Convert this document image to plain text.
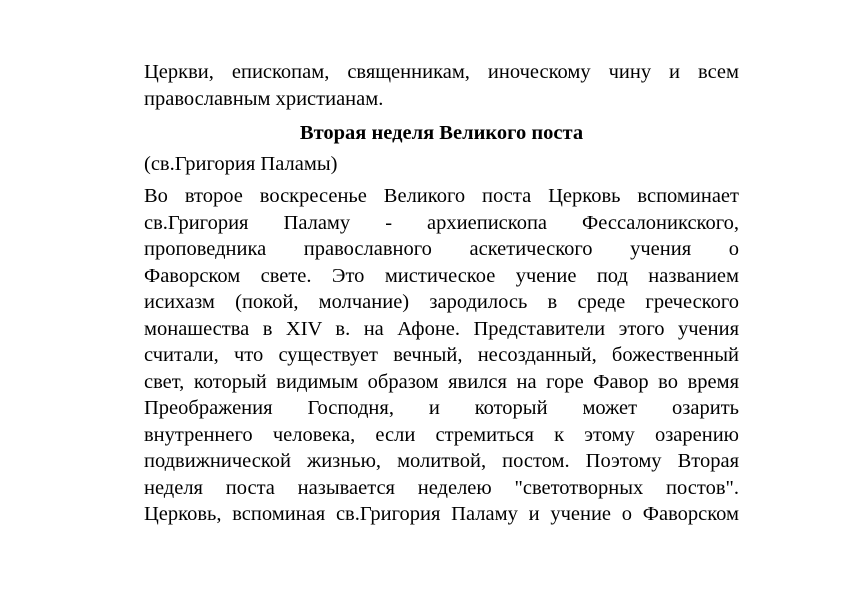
Церкви, епископам, священникам, иноческому чину и всем
православным христианам.
Вторая неделя Великого поста
(св.Григория Паламы)
Во второе воскресенье Великого поста Церковь вспоминает
св.Григория Паламу - архиепископа Фессалоникского,
проповедника православного аскетического учения о
Фаворском свете. Это мистическое учение под названием
исихазм (покой, молчание) зародилось в среде греческого
монашества в XIV в. на Афоне. Представители этого учения
считали, что существует вечный, несозданный, божественный
свет, который видимым образом явился на горе Фавор во время
Преображения Господня, и который может озарить
внутреннего человека, если стремиться к этому озарению
подвижнической жизнью, молитвой, постом. Поэтому Вторая
неделя поста называется неделею "светотворных постов".
Церковь, вспоминая св.Григория Паламу и учение о Фаворском
